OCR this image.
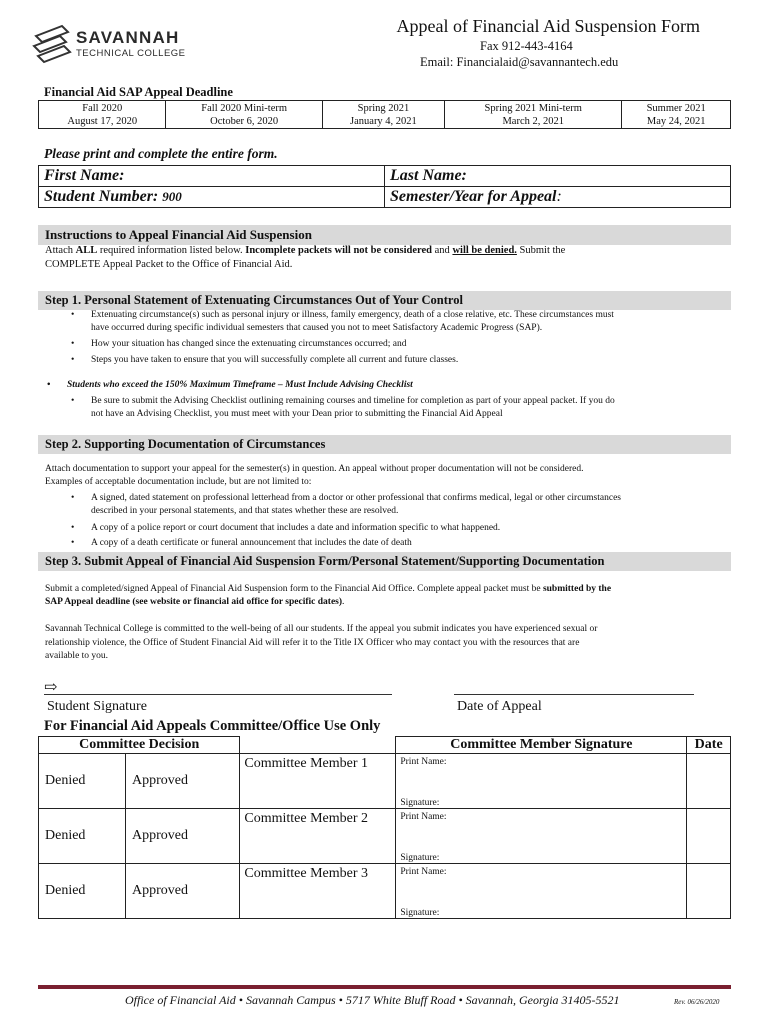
SAVANNAH
TECHNICAL COLLEGE
Appeal of Financial Aid Suspension Form
Fax 912-443-4164
Email: Financialaid@savannantech.edu
Financial Aid SAP Appeal Deadline
Fall 2020
August 17, 2020

Fall 2020 Mini-term
October 6, 2020

Spring 2021
January 4, 2021

Spring 2021 Mini-term
March 2, 2021

Summer 2021
May 24, 2021
Please print and complete the entire form.
First Name:	Last Name:
Student Number: 900	Semester/Year for Appeal:
Instructions to Appeal Financial Aid Suspension
Attach ALL required information listed below. Incomplete packets will not be considered and will be denied. Submit the
COMPLETE Appeal Packet to the Office of Financial Aid.
Step 1. Personal Statement of Extenuating Circumstances Out of Your Control
• Extenuating circumstance(s) such as personal injury or illness, family emergency, death of a close relative, etc. These circumstances must
have occurred during specific individual semesters that caused you not to meet Satisfactory Academic Progress (SAP).
• How your situation has changed since the extenuating circumstances occurred; and
• Steps you have taken to ensure that you will successfully complete all current and future classes.
• Students who exceed the 150% Maximum Timeframe – Must Include Advising Checklist
• Be sure to submit the Advising Checklist outlining remaining courses and timeline for completion as part of your appeal packet. If you do
not have an Advising Checklist, you must meet with your Dean prior to submitting the Financial Aid Appeal
Step 2. Supporting Documentation of Circumstances
Attach documentation to support your appeal for the semester(s) in question. An appeal without proper documentation will not be considered.
Examples of acceptable documentation include, but are not limited to:
• A signed, dated statement on professional letterhead from a doctor or other professional that confirms medical, legal or other circumstances
described in your personal statements, and that states whether these are resolved.
• A copy of a police report or court document that includes a date and information specific to what happened.
• A copy of a death certificate or funeral announcement that includes the date of death
Step 3. Submit Appeal of Financial Aid Suspension Form/Personal Statement/Supporting Documentation
Submit a completed/signed Appeal of Financial Aid Suspension form to the Financial Aid Office. Complete appeal packet must be submitted by the
SAP Appeal deadline (see website or financial aid office for specific dates).
Savannah Technical College is committed to the well-being of all our students. If the appeal you submit indicates you have experienced sexual or
relationship violence, the Office of Student Financial Aid will refer it to the Title IX Officer who may contact you with the resources that are
available to you.
⇨
Student Signature	Date of Appeal
For Financial Aid Appeals Committee/Office Use Only
Committee Decision			Committee Member Signature	Date
Denied	Approved	Committee Member 1	Print Name:
Signature:	

Denied	Approved	Committee Member 2	Print Name:
Signature:	

Denied	Approved	Committee Member 3	Print Name:
Signature:	

Office of Financial Aid • Savannah Campus • 5717 White Bluff Road • Savannah, Georgia 31405-5521	Rev. 06/26/2020
